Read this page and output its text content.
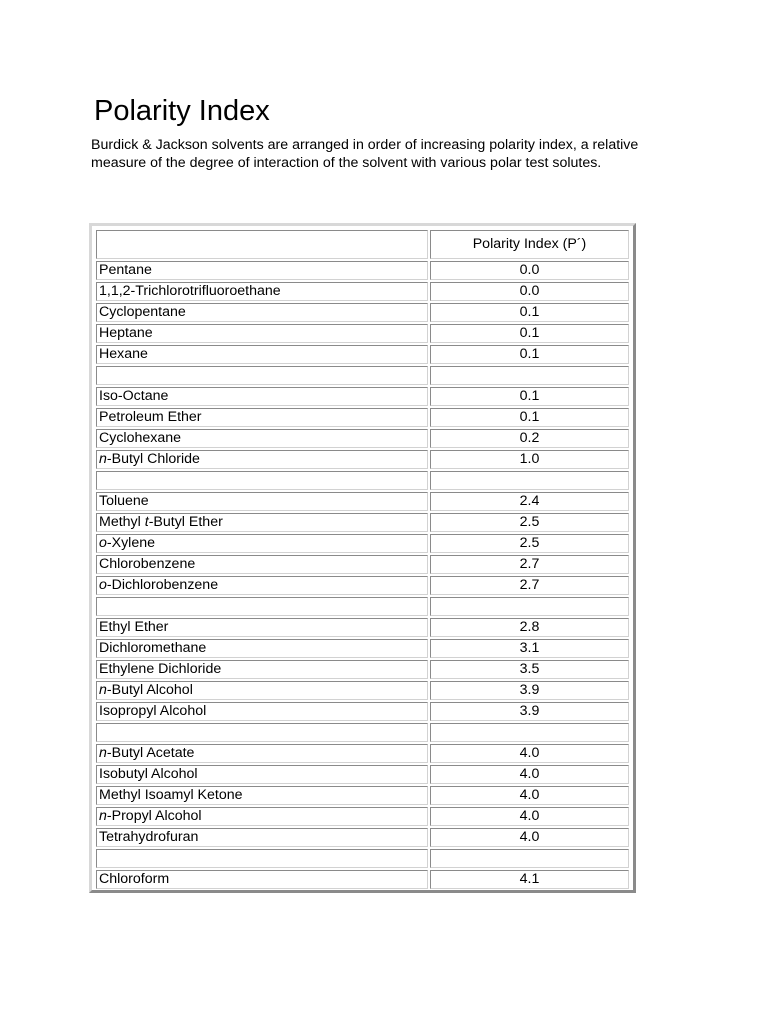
Polarity Index

Burdick & Jackson solvents are arranged in order of increasing polarity index, a relative measure of the degree of interaction of the solvent with various polar test solutes.

	Polarity Index (P´)
Pentane	0.0
1,1,2-Trichlorotrifluoroethane	0.0
Cyclopentane	0.1
Heptane	0.1
Hexane	0.1

Iso-Octane	0.1
Petroleum Ether	0.1
Cyclohexane	0.2
n-Butyl Chloride	1.0

Toluene	2.4
Methyl t-Butyl Ether	2.5
o-Xylene	2.5
Chlorobenzene	2.7
o-Dichlorobenzene	2.7

Ethyl Ether	2.8
Dichloromethane	3.1
Ethylene Dichloride	3.5
n-Butyl Alcohol	3.9
Isopropyl Alcohol	3.9

n-Butyl Acetate	4.0
Isobutyl Alcohol	4.0
Methyl Isoamyl Ketone	4.0
n-Propyl Alcohol	4.0
Tetrahydrofuran	4.0

Chloroform	4.1
